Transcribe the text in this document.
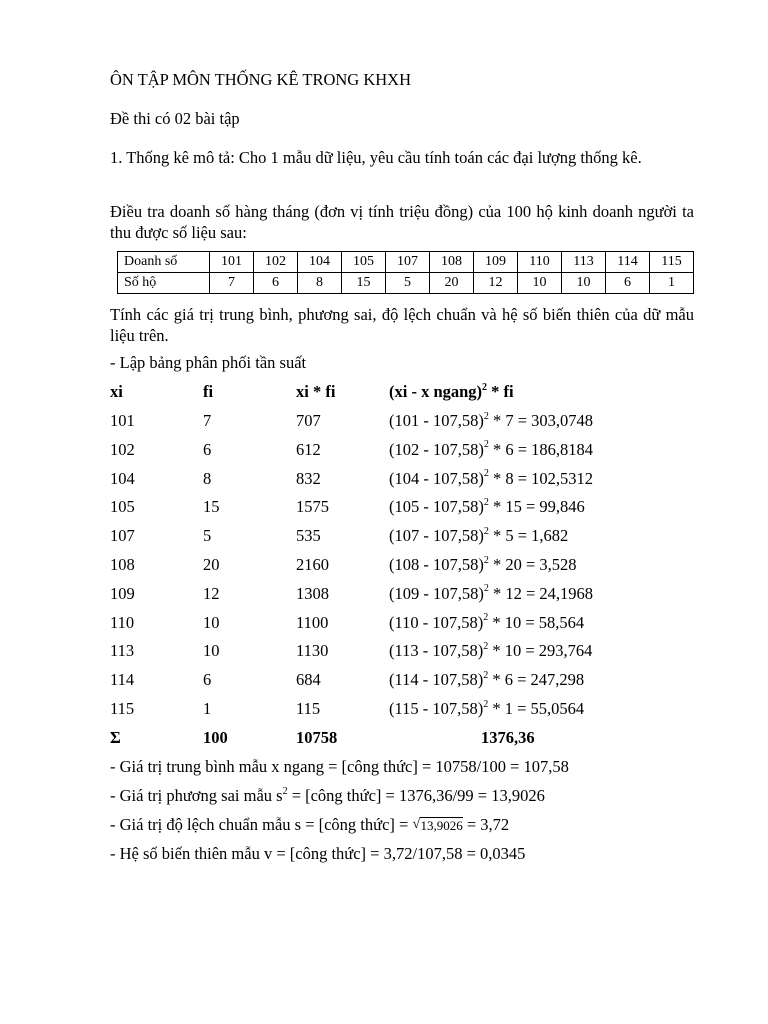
ÔN TẬP MÔN THỐNG KÊ TRONG KHXH
Đề thi có 02 bài tập
1. Thống kê mô tả: Cho 1 mẫu dữ liệu, yêu cầu tính toán các đại lượng thống kê.
Điều tra doanh số hàng tháng (đơn vị tính triệu đồng) của 100 hộ kinh doanh người ta thu được số liệu sau:
Doanh số	101	102	104	105	107	108	109	110	113	114	115
Số hộ	7	6	8	15	5	20	12	10	10	6	1
Tính các giá trị trung bình, phương sai, độ lệch chuẩn và hệ số biến thiên của dữ mẫu liệu trên.
- Lập bảng phân phối tần suất
xi	fi	xi * fi	(xi - x ngang)$^2$ * fi
101	7	707	(101 - 107,58)$^2$ * 7 = 303,0748
102	6	612	(102 - 107,58)$^2$ * 6 = 186,8184
104	8	832	(104 - 107,58)$^2$ * 8 = 102,5312
105	15	1575	(105 - 107,58)$^2$ * 15 = 99,846
107	5	535	(107 - 107,58)$^2$ * 5 = 1,682
108	20	2160	(108 - 107,58)$^2$ * 20 = 3,528
109	12	1308	(109 - 107,58)$^2$ * 12 = 24,1968
110	10	1100	(110 - 107,58)$^2$ * 10 = 58,564
113	10	1130	(113 - 107,58)$^2$ * 10 = 293,764
114	6	684	(114 - 107,58)$^2$ * 6 = 247,298
115	1	115	(115 - 107,58)$^2$ * 1 = 55,0564
Σ	100	10758	1376,36
- Giá trị trung bình mẫu x ngang = [công thức] = 10758/100 = 107,58
- Giá trị phương sai mẫu $s^2$ = [công thức] = 1376,36/99 = 13,9026
- Giá trị độ lệch chuẩn mẫu s = [công thức] = √ 13,9026 = 3,72
- Hệ số biến thiên mẫu v = [công thức] = 3,72/107,58 = 0,0345
